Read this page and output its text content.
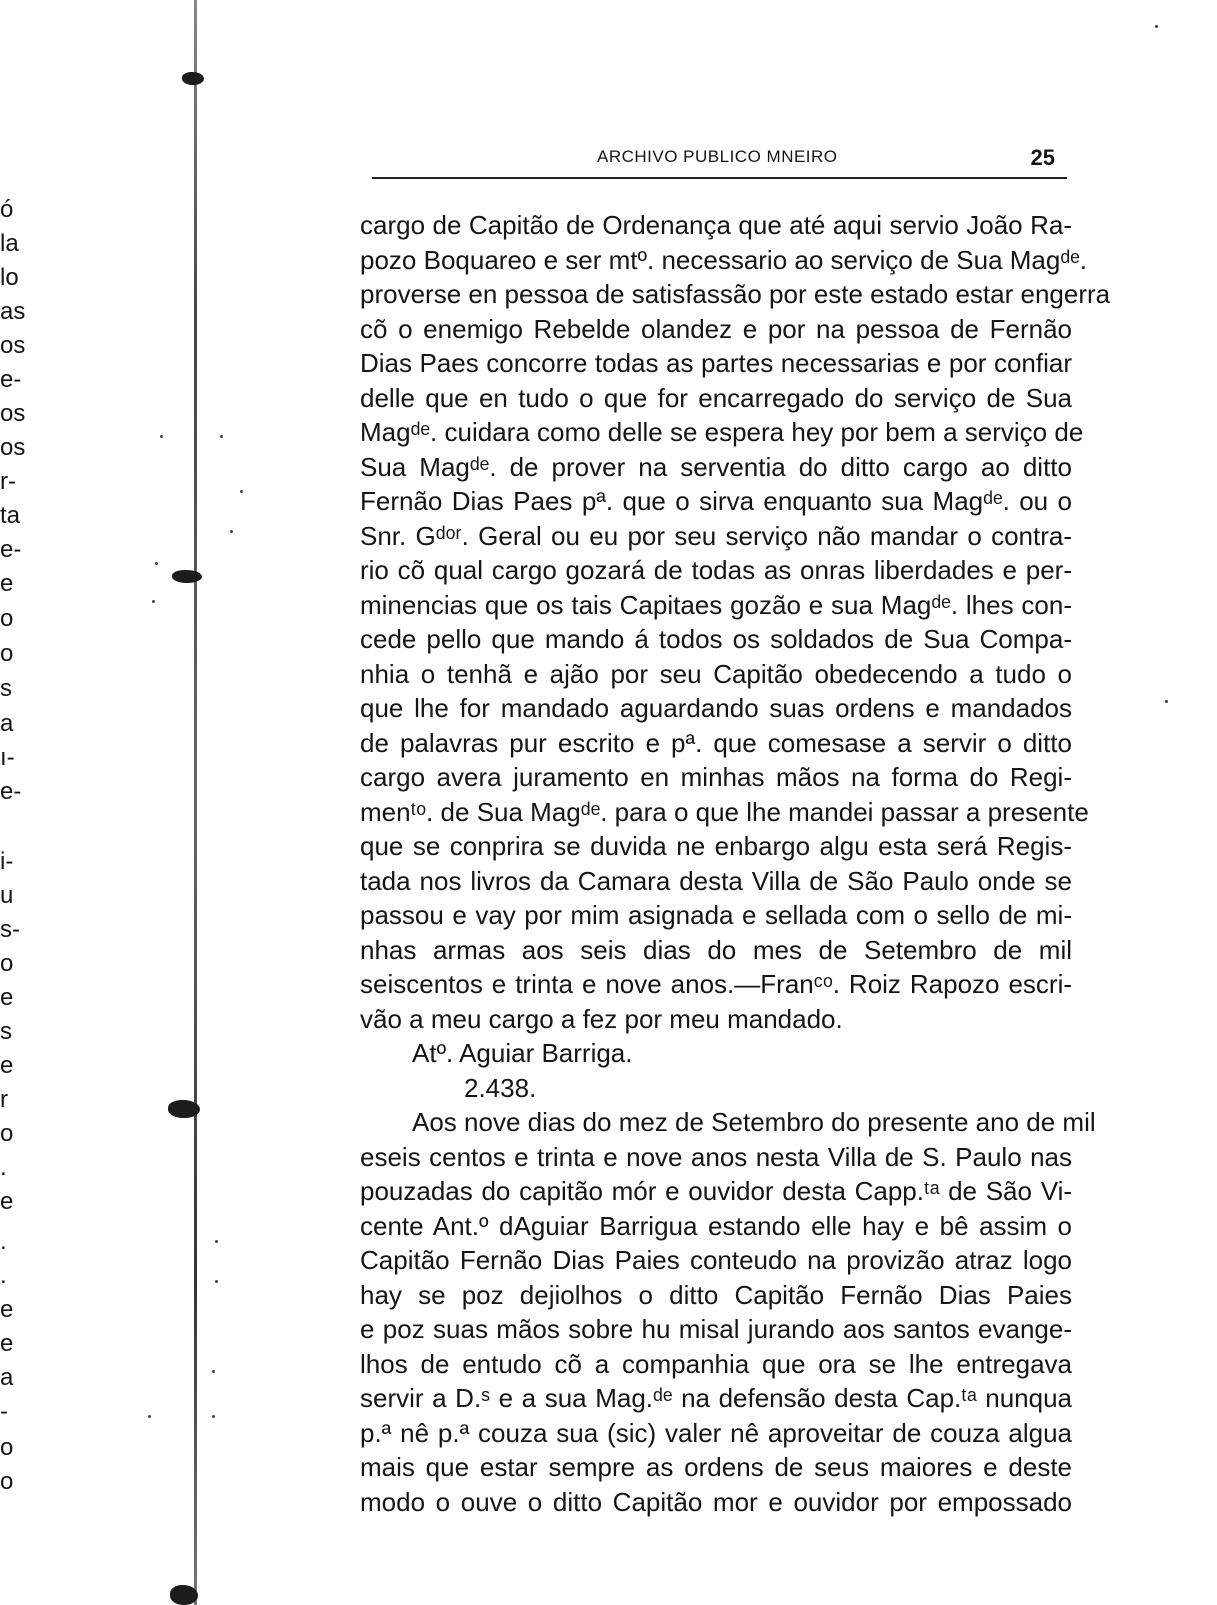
ó
la
lo
as
os
e-
os
os
r-
ta
e-
e
o
o
s
a
ı-
e-
i-
u
s-
o
e
s
e
r
o
.
e
.
.
e
e
a
-
o
o
ARCHIVO PUBLICO MNEIRO	25
cargo de Capitão de Ordenança que até aqui servio João Ra-
pozo Boquareo e ser mtº. necessario ao serviço de Sua Magᵈᵉ.
proverse en pessoa de satisfassão por este estado estar engerra
cõ o enemigo Rebelde olandez e por na pessoa de Fernão
Dias Paes concorre todas as partes necessarias e por confiar
delle que en tudo o que for encarregado do serviço de Sua
Magᵈᵉ. cuidara como delle se espera hey por bem a serviço de
Sua Magᵈᵉ. de prover na serventia do ditto cargo ao ditto
Fernão Dias Paes pª. que o sirva enquanto sua Magᵈᵉ. ou o
Snr. Gᵈᵒʳ. Geral ou eu por seu serviço não mandar o contra-
rio cõ qual cargo gozará de todas as onras liberdades e per-
minencias que os tais Capitaes gozão e sua Magᵈᵉ. lhes con-
cede pello que mando á todos os soldados de Sua Compa-
nhia o tenhã e ajão por seu Capitão obedecendo a tudo o
que lhe for mandado aguardando suas ordens e mandados
de palavras pur escrito e pª. que comesase a servir o ditto
cargo avera juramento en minhas mãos na forma do Regi-
menᵗᵒ. de Sua Magᵈᵉ. para o que lhe mandei passar a presente
que se conprira se duvida ne enbargo algu esta será Regis-
tada nos livros da Camara desta Villa de São Paulo onde se
passou e vay por mim asignada e sellada com o sello de mi-
nhas armas aos seis dias do mes de Setembro de mil
seiscentos e trinta e nove anos.—Franᶜᵒ. Roiz Rapozo escri-
vão a meu cargo a fez por meu mandado.
Atº. Aguiar Barriga.
2.438.
Aos nove dias do mez de Setembro do presente ano de mil
eseis centos e trinta e nove anos nesta Villa de S. Paulo nas
pouzadas do capitão mór e ouvidor desta Capp.ᵗᵃ de São Vi-
cente Ant.º dAguiar Barrigua estando elle hay e bê assim o
Capitão Fernão Dias Paies conteudo na provizão atraz logo
hay se poz dejiolhos o ditto Capitão Fernão Dias Paies
e poz suas mãos sobre hu misal jurando aos santos evange-
lhos de entudo cõ a companhia que ora se lhe entregava
servir a D.ˢ e a sua Mag.ᵈᵉ na defensão desta Cap.ᵗᵃ nunqua
p.ª nê p.ª couza sua (sic) valer nê aproveitar de couza algua
mais que estar sempre as ordens de seus maiores e deste
modo o ouve o ditto Capitão mor e ouvidor por empossado
